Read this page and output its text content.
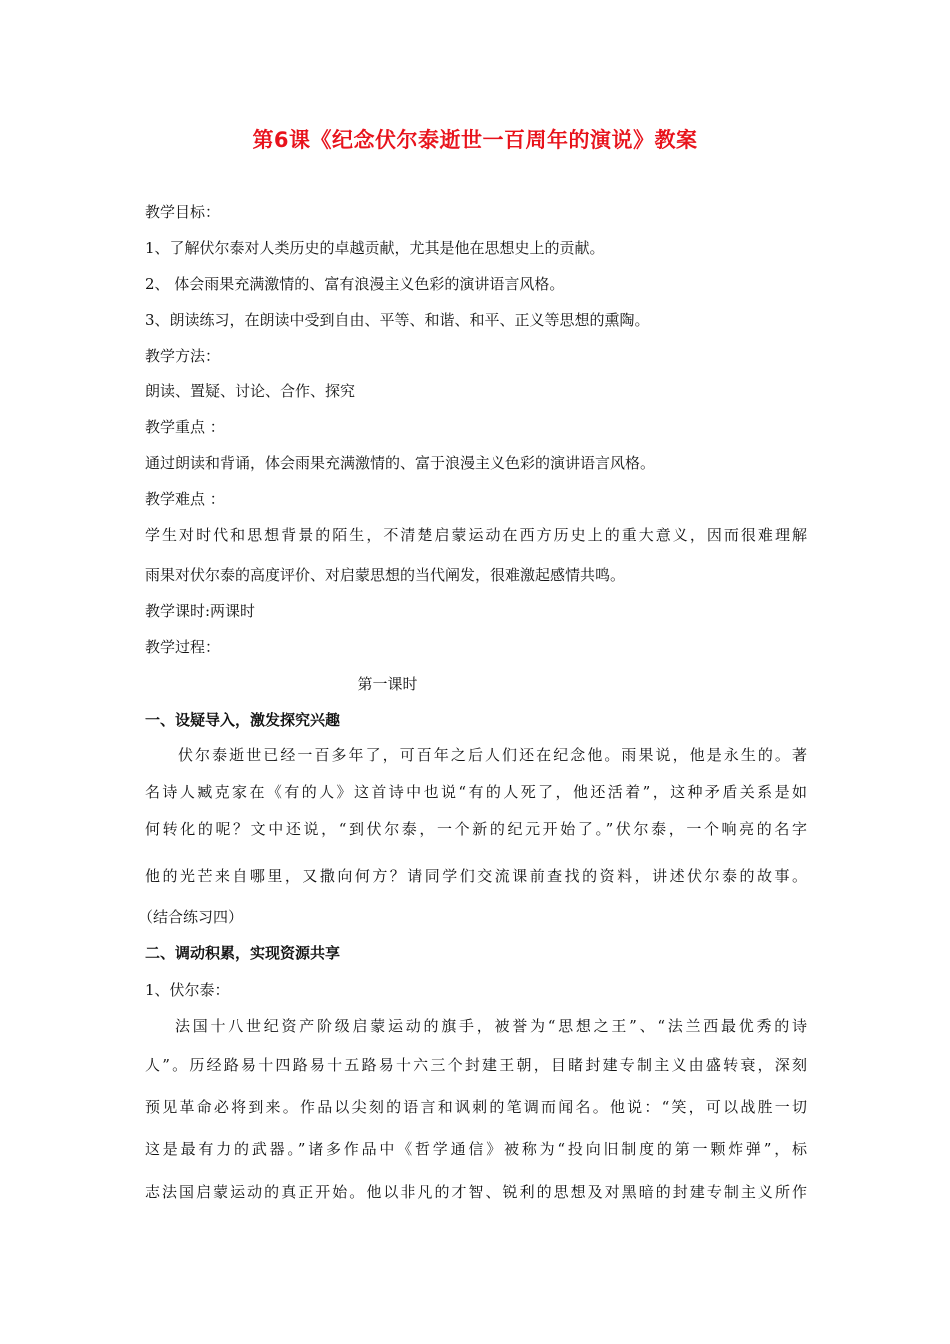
第6课《纪念伏尔泰逝世一百周年的演说》教案
教学目标：
1、了解伏尔泰对人类历史的卓越贡献，尤其是他在思想史上的贡献。
2、 体会雨果充满激情的、富有浪漫主义色彩的演讲语言风格。
3、朗读练习，在朗读中受到自由、平等、和谐、和平、正义等思想的熏陶。
教学方法：
朗读、置疑、讨论、合作、探究
教学重点 ：
通过朗读和背诵，体会雨果充满激情的、富于浪漫主义色彩的演讲语言风格。
教学难点 ：
学生对时代和思想背景的陌生，不清楚启蒙运动在西方历史上的重大意义，因而很难理解
雨果对伏尔泰的高度评价、对启蒙思想的当代阐发，很难激起感情共鸣。
教学课时:两课时
教学过程：
第一课时
一、设疑导入，激发探究兴趣
伏尔泰逝世已经一百多年了，可百年之后人们还在纪念他。雨果说，他是永生的。著
名诗人臧克家在《有的人》这首诗中也说“有的人死了，他还活着”，这种矛盾关系是如
何转化的呢？文中还说，“到伏尔泰，一个新的纪元开始了。”伏尔泰，一个响亮的名字
他的光芒来自哪里，又撒向何方？请同学们交流课前查找的资料，讲述伏尔泰的故事。
（结合练习四）
二、调动积累，实现资源共享
1、伏尔泰：
法国十八世纪资产阶级启蒙运动的旗手，被誉为“思想之王”、“法兰西最优秀的诗
人”。历经路易十四路易十五路易十六三个封建王朝，目睹封建专制主义由盛转衰，深刻
预见革命必将到来。作品以尖刻的语言和讽刺的笔调而闻名。他说：“笑，可以战胜一切
这是最有力的武器。”诸多作品中《哲学通信》被称为“投向旧制度的第一颗炸弹”，标
志法国启蒙运动的真正开始。他以非凡的才智、锐利的思想及对黑暗的封建专制主义所作
